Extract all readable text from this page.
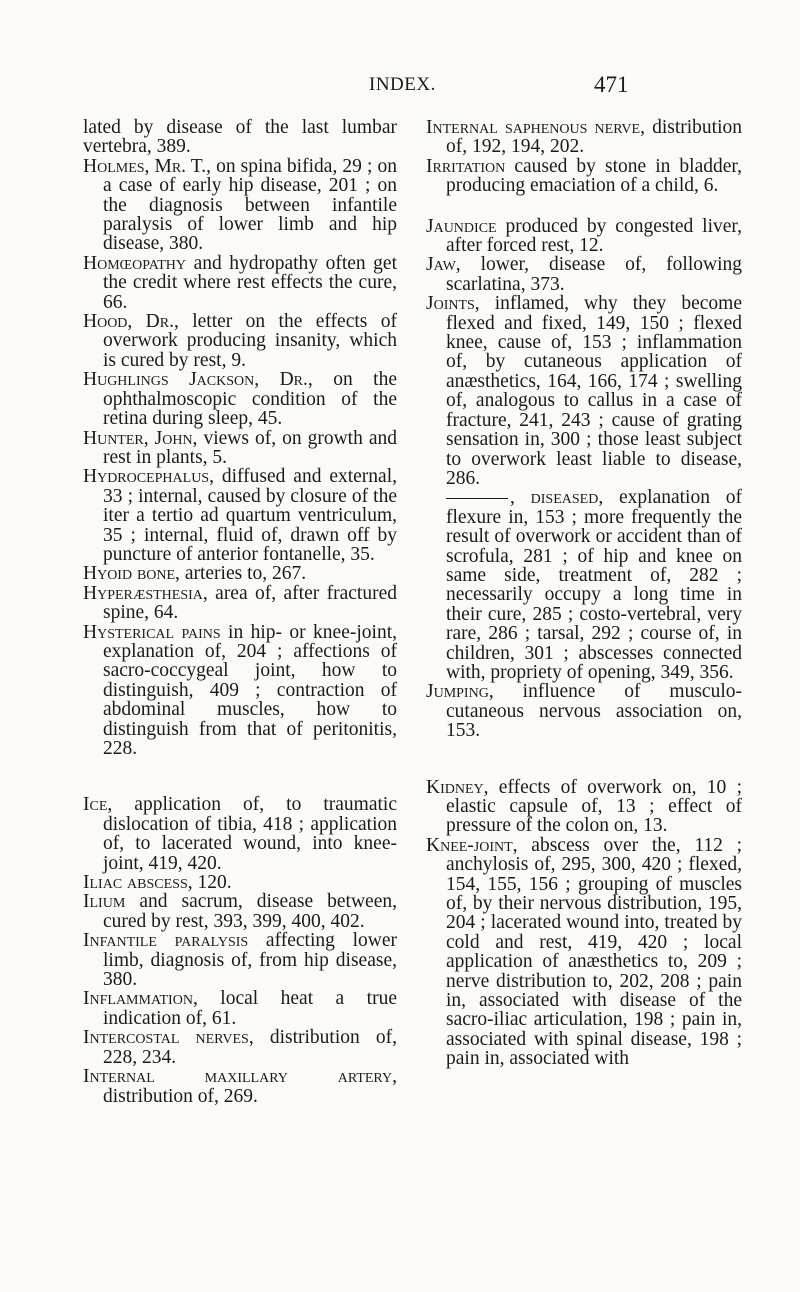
INDEX.	471

lated by disease of the last lumbar vertebra, 389.

Holmes, Mr. T., on spina bifida, 29 ; on a case of early hip disease, 201 ; on the diagnosis between infantile paralysis of lower limb and hip disease, 380.

Homœopathy and hydropathy often get the credit where rest effects the cure, 66.

Hood, Dr., letter on the effects of overwork producing insanity, which is cured by rest, 9.

Hughlings Jackson, Dr., on the ophthalmoscopic condition of the retina during sleep, 45.

Hunter, John, views of, on growth and rest in plants, 5.

Hydrocephalus, diffused and external, 33 ; internal, caused by closure of the iter a tertio ad quartum ventriculum, 35 ; internal, fluid of, drawn off by puncture of anterior fontanelle, 35.

Hyoid bone, arteries to, 267.

Hyperæsthesia, area of, after fractured spine, 64.

Hysterical pains in hip- or knee-joint, explanation of, 204 ; affections of sacro-coccygeal joint, how to distinguish, 409 ; contraction of abdominal muscles, how to distinguish from that of peritonitis, 228.

Ice, application of, to traumatic dislocation of tibia, 418 ; application of, to lacerated wound, into knee-joint, 419, 420.

Iliac abscess, 120.

Ilium and sacrum, disease between, cured by rest, 393, 399, 400, 402.

Infantile paralysis affecting lower limb, diagnosis of, from hip disease, 380.

Inflammation, local heat a true indication of, 61.

Intercostal nerves, distribution of, 228, 234.

Internal maxillary artery, distribution of, 269.

Internal saphenous nerve, distribution of, 192, 194, 202.

Irritation caused by stone in bladder, producing emaciation of a child, 6.

Jaundice produced by congested liver, after forced rest, 12.

Jaw, lower, disease of, following scarlatina, 373.

Joints, inflamed, why they become flexed and fixed, 149, 150 ; flexed knee, cause of, 153 ; inflammation of, by cutaneous application of anæsthetics, 164, 166, 174 ; swelling of, analogous to callus in a case of fracture, 241, 243 ; cause of grating sensation in, 300 ; those least subject to overwork least liable to disease, 286.

, diseased, explanation of flexure in, 153 ; more frequently the result of overwork or accident than of scrofula, 281 ; of hip and knee on same side, treatment of, 282 ; necessarily occupy a long time in their cure, 285 ; costo-vertebral, very rare, 286 ; tarsal, 292 ; course of, in children, 301 ; abscesses connected with, propriety of opening, 349, 356.

Jumping, influence of musculo-cutaneous nervous association on, 153.

Kidney, effects of overwork on, 10 ; elastic capsule of, 13 ; effect of pressure of the colon on, 13.

Knee-joint, abscess over the, 112 ; anchylosis of, 295, 300, 420 ; flexed, 154, 155, 156 ; grouping of muscles of, by their nervous distribution, 195, 204 ; lacerated wound into, treated by cold and rest, 419, 420 ; local application of anæsthetics to, 209 ; nerve distribution to, 202, 208 ; pain in, associated with disease of the sacro-iliac articulation, 198 ; pain in, associated with spinal disease, 198 ; pain in, associated with
